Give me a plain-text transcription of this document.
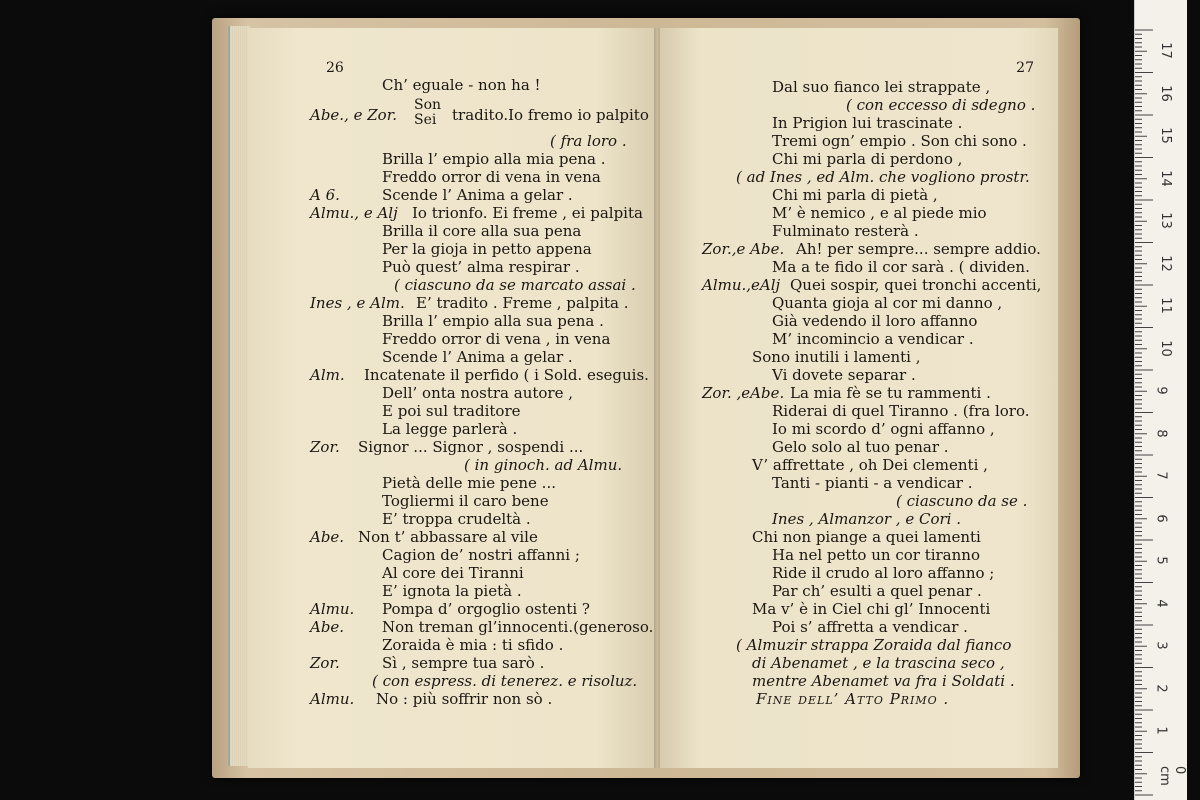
26
Ch’ eguale - non ha !
Abe., e Zor.
Son
Sei	tradito.Io fremo io palpito
( fra loro .
Brilla l’ empio alla mia pena .
Freddo orror di vena in vena
A 6.	Scende l’ Anima a gelar .
Almu., e Alj Io trionfo. Ei freme , ei palpita
Brilla il core alla sua pena
Per la gioja in petto appena
Può quest’ alma respirar .
( ciascuno da se marcato assai .
Ines , e Alm. E’ tradito . Freme , palpita .
Brilla l’ empio alla sua pena .
Freddo orror di vena , in vena
Scende l’ Anima a gelar .
Alm. Incatenate il perfido ( i Sold. eseguis.
Dell’ onta nostra autore ,
E poi sul traditore
La legge parlerà .
Zor. Signor ... Signor , sospendi ...
( in ginoch. ad Almu.
Pietà delle mie pene ...
Togliermi il caro bene
E’ troppa crudeltà .
Abe. Non t’ abbassare al vile
Cagion de’ nostri affanni ;
Al core dei Tiranni
E’ ignota la pietà .
Almu. Pompa d’ orgoglio ostenti ?
Abe.	Non treman gl’innocenti.(generoso.
Zoraida è mia : ti sfido .
Zor.	Sì , sempre tua sarò .
( con espress. di tenerez. e risoluz.
Almu. No : più soffrir non sò .
27
Dal suo fianco lei strappate ,
( con eccesso di sdegno .
In Prigion lui trascinate .
Tremi ogn’ empio . Son chi sono .
Chi mi parla di perdono ,
( ad Ines , ed Alm. che vogliono prostr.
Chi mi parla di pietà ,
M’ è nemico , e al piede mio
Fulminato resterà .
Zor.,e Abe. Ah! per sempre... sempre addio.
Ma a te fido il cor sarà . ( dividen.
Almu.,eAlj Quei sospir, quei tronchi accenti,
Quanta gioja al cor mi danno ,
Già vedendo il loro affanno
M’ incomincio a vendicar .
Sono inutili i lamenti ,
Vi dovete separar .
Zor. ,eAbe. La mia fè se tu rammenti .
Riderai di quel Tiranno . (fra loro.
Io mi scordo d’ ogni affanno ,
Gelo solo al tuo penar .
V’ affrettate , oh Dei clementi ,
Tanti - pianti - a vendicar .
( ciascuno da se .
Ines , Almanzor , e Cori .
Chi non piange a quei lamenti
Ha nel petto un cor tiranno
Ride il crudo al loro affanno ;
Par ch’ esulti a quel penar .
Ma v’ è in Ciel chi gl’ Innocenti
Poi s’ affretta a vendicar .
( Almuzir strappa Zoraida dal fianco
di Abenamet , e la trascina seco ,
mentre Abenamet va fra i Soldati .
Fine dell’ Atto Primo .
17
16
15
14
13
12
11
10
9
8
7
6
5
4
3
2
1
0 cm
